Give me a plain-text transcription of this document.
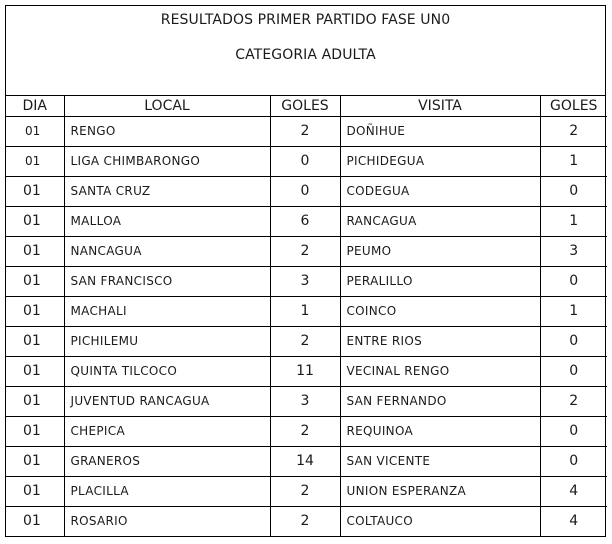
RESULTADOS PRIMER PARTIDO FASE UN0
CATEGORIA ADULTA
DIA	LOCAL	GOLES	VISITA	GOLES
01	RENGO	2	DOÑIHUE	2
01	LIGA CHIMBARONGO	0	PICHIDEGUA	1
01	SANTA CRUZ	0	CODEGUA	0
01	MALLOA	6	RANCAGUA	1
01	NANCAGUA	2	PEUMO	3
01	SAN FRANCISCO	3	PERALILLO	0
01	MACHALI	1	COINCO	1
01	PICHILEMU	2	ENTRE RIOS	0
01	QUINTA TILCOCO	11	VECINAL RENGO	0
01	JUVENTUD RANCAGUA	3	SAN FERNANDO	2
01	CHEPICA	2	REQUINOA	0
01	GRANEROS	14	SAN VICENTE	0
01	PLACILLA	2	UNION ESPERANZA	4
01	ROSARIO	2	COLTAUCO	4
